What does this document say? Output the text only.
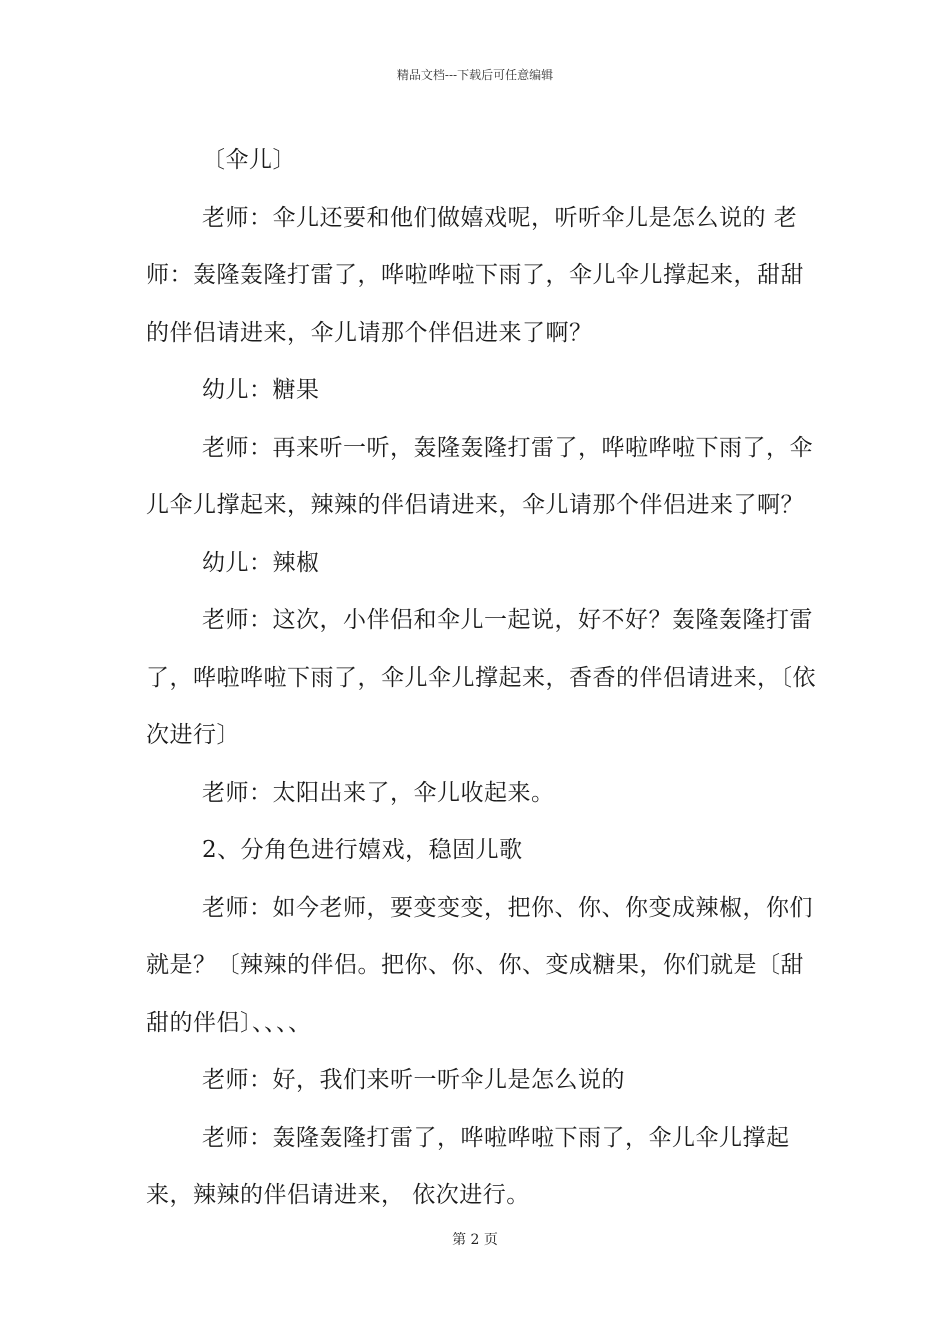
精品文档---下载后可任意编辑

〔伞儿〕

老师：伞儿还要和他们做嬉戏呢，听听伞儿是怎么说的 老师：轰隆轰隆打雷了，哗啦哗啦下雨了，伞儿伞儿撑起来，甜甜的伴侣请进来，伞儿请那个伴侣进来了啊？

幼儿：糖果

老师：再来听一听，轰隆轰隆打雷了，哗啦哗啦下雨了，伞儿伞儿撑起来，辣辣的伴侣请进来，伞儿请那个伴侣进来了啊？

幼儿：辣椒

老师：这次，小伴侣和伞儿一起说，好不好？轰隆轰隆打雷了，哗啦哗啦下雨了，伞儿伞儿撑起来，香香的伴侣请进来，〔依次进行〕

老师：太阳出来了，伞儿收起来。

2、分角色进行嬉戏，稳固儿歌

老师：如今老师，要变变变，把你、你、你变成辣椒，你们就是？〔辣辣的伴侣。把你、你、你、变成糖果，你们就是〔甜甜的伴侣〕、、、、

老师：好，我们来听一听伞儿是怎么说的

老师：轰隆轰隆打雷了，哗啦哗啦下雨了，伞儿伞儿撑起来，辣辣的伴侣请进来， 依次进行。

第 2 页
